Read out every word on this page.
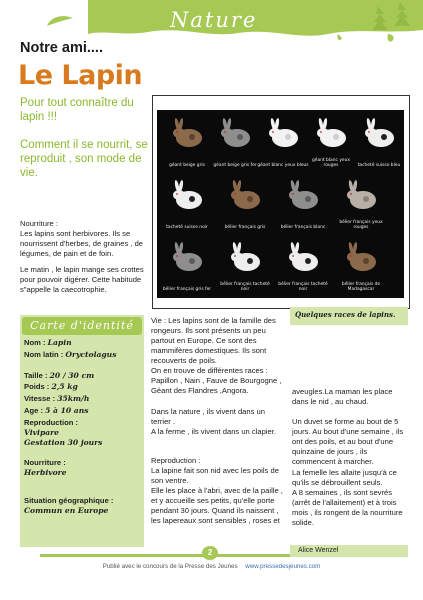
Nature
Notre ami....
Le Lapin
Pour tout connaître du lapin !!!
Comment il se nourrit, se reproduit , son mode de vie.
Nourriture :
Les lapins sont herbivores. Ils se nourrissent d'herbes, de graines , de légumes, de pain et de foin.
Le matin , le lapin mange ses crottes pour pouvoir digérer. Cette habitude s"appelle la caecotrophie.
géant beige gris	géant beige gris fer géant blanc yeux bleus
géant blanc yeux rouges	tacheté suisse bleu
tacheté suisse noir	bélier français gris	bélier français blanc
bélier français yeux rouges
bélier français gris fer
bélier français tacheté noir
bélier français tacheté noir
bélier français de Madagascar
Quelques races de lapins.
Carte d'identité
Nom : Lapin
Nom latin : Oryctolagus
Taille : 20 / 30 cm
Poids : 2,5 kg
Vitesse : 35km/h
Age : 5 à 10 ans
Reproduction :
Vivipare
Gestation 30 jours
Nourriture :
Herbivore
Situation géographique :
Commun en Europe
Vie : Les lapins sont de la famille des rongeurs. Ils sont présents un peu partout en Europe. Ce sont des mammifères domestiques. Ils sont recouverts de poils.
On en trouve de différentes races : Papillon , Nain , Fauve de Bourgogne , Géant des Flandres ,Angora.
Dans la nature , ils vivent dans un terrier .
A la ferme , ils vivent dans un clapier.
Reproduction :
La lapine fait son nid avec les poils de son ventre.
Elle les place à l'abri, avec de la paille , et y accueille ses petits, qu'elle porte pendant 30 jours. Quand ils naissent , les lapereaux sont sensibles , roses et
aveugles.La maman les place dans le nid , au chaud.
Un duvet se forme au bout de 5 jours. Au bout d'une semaine , ils ont des poils, et au bout d'une quinzaine de jours , ils commencent à marcher.
La femelle les allaite jusqu'à ce qu'ils se débrouillent seuls.
A 8 semaines , ils sont sevrés (arrêt de l'allaitement) et à trois mois , ils rongent de la nourriture solide.
Alice Wenzel
2
Publié avec le concours de la Presse des Jeunes www.pressedesjeunes.com
